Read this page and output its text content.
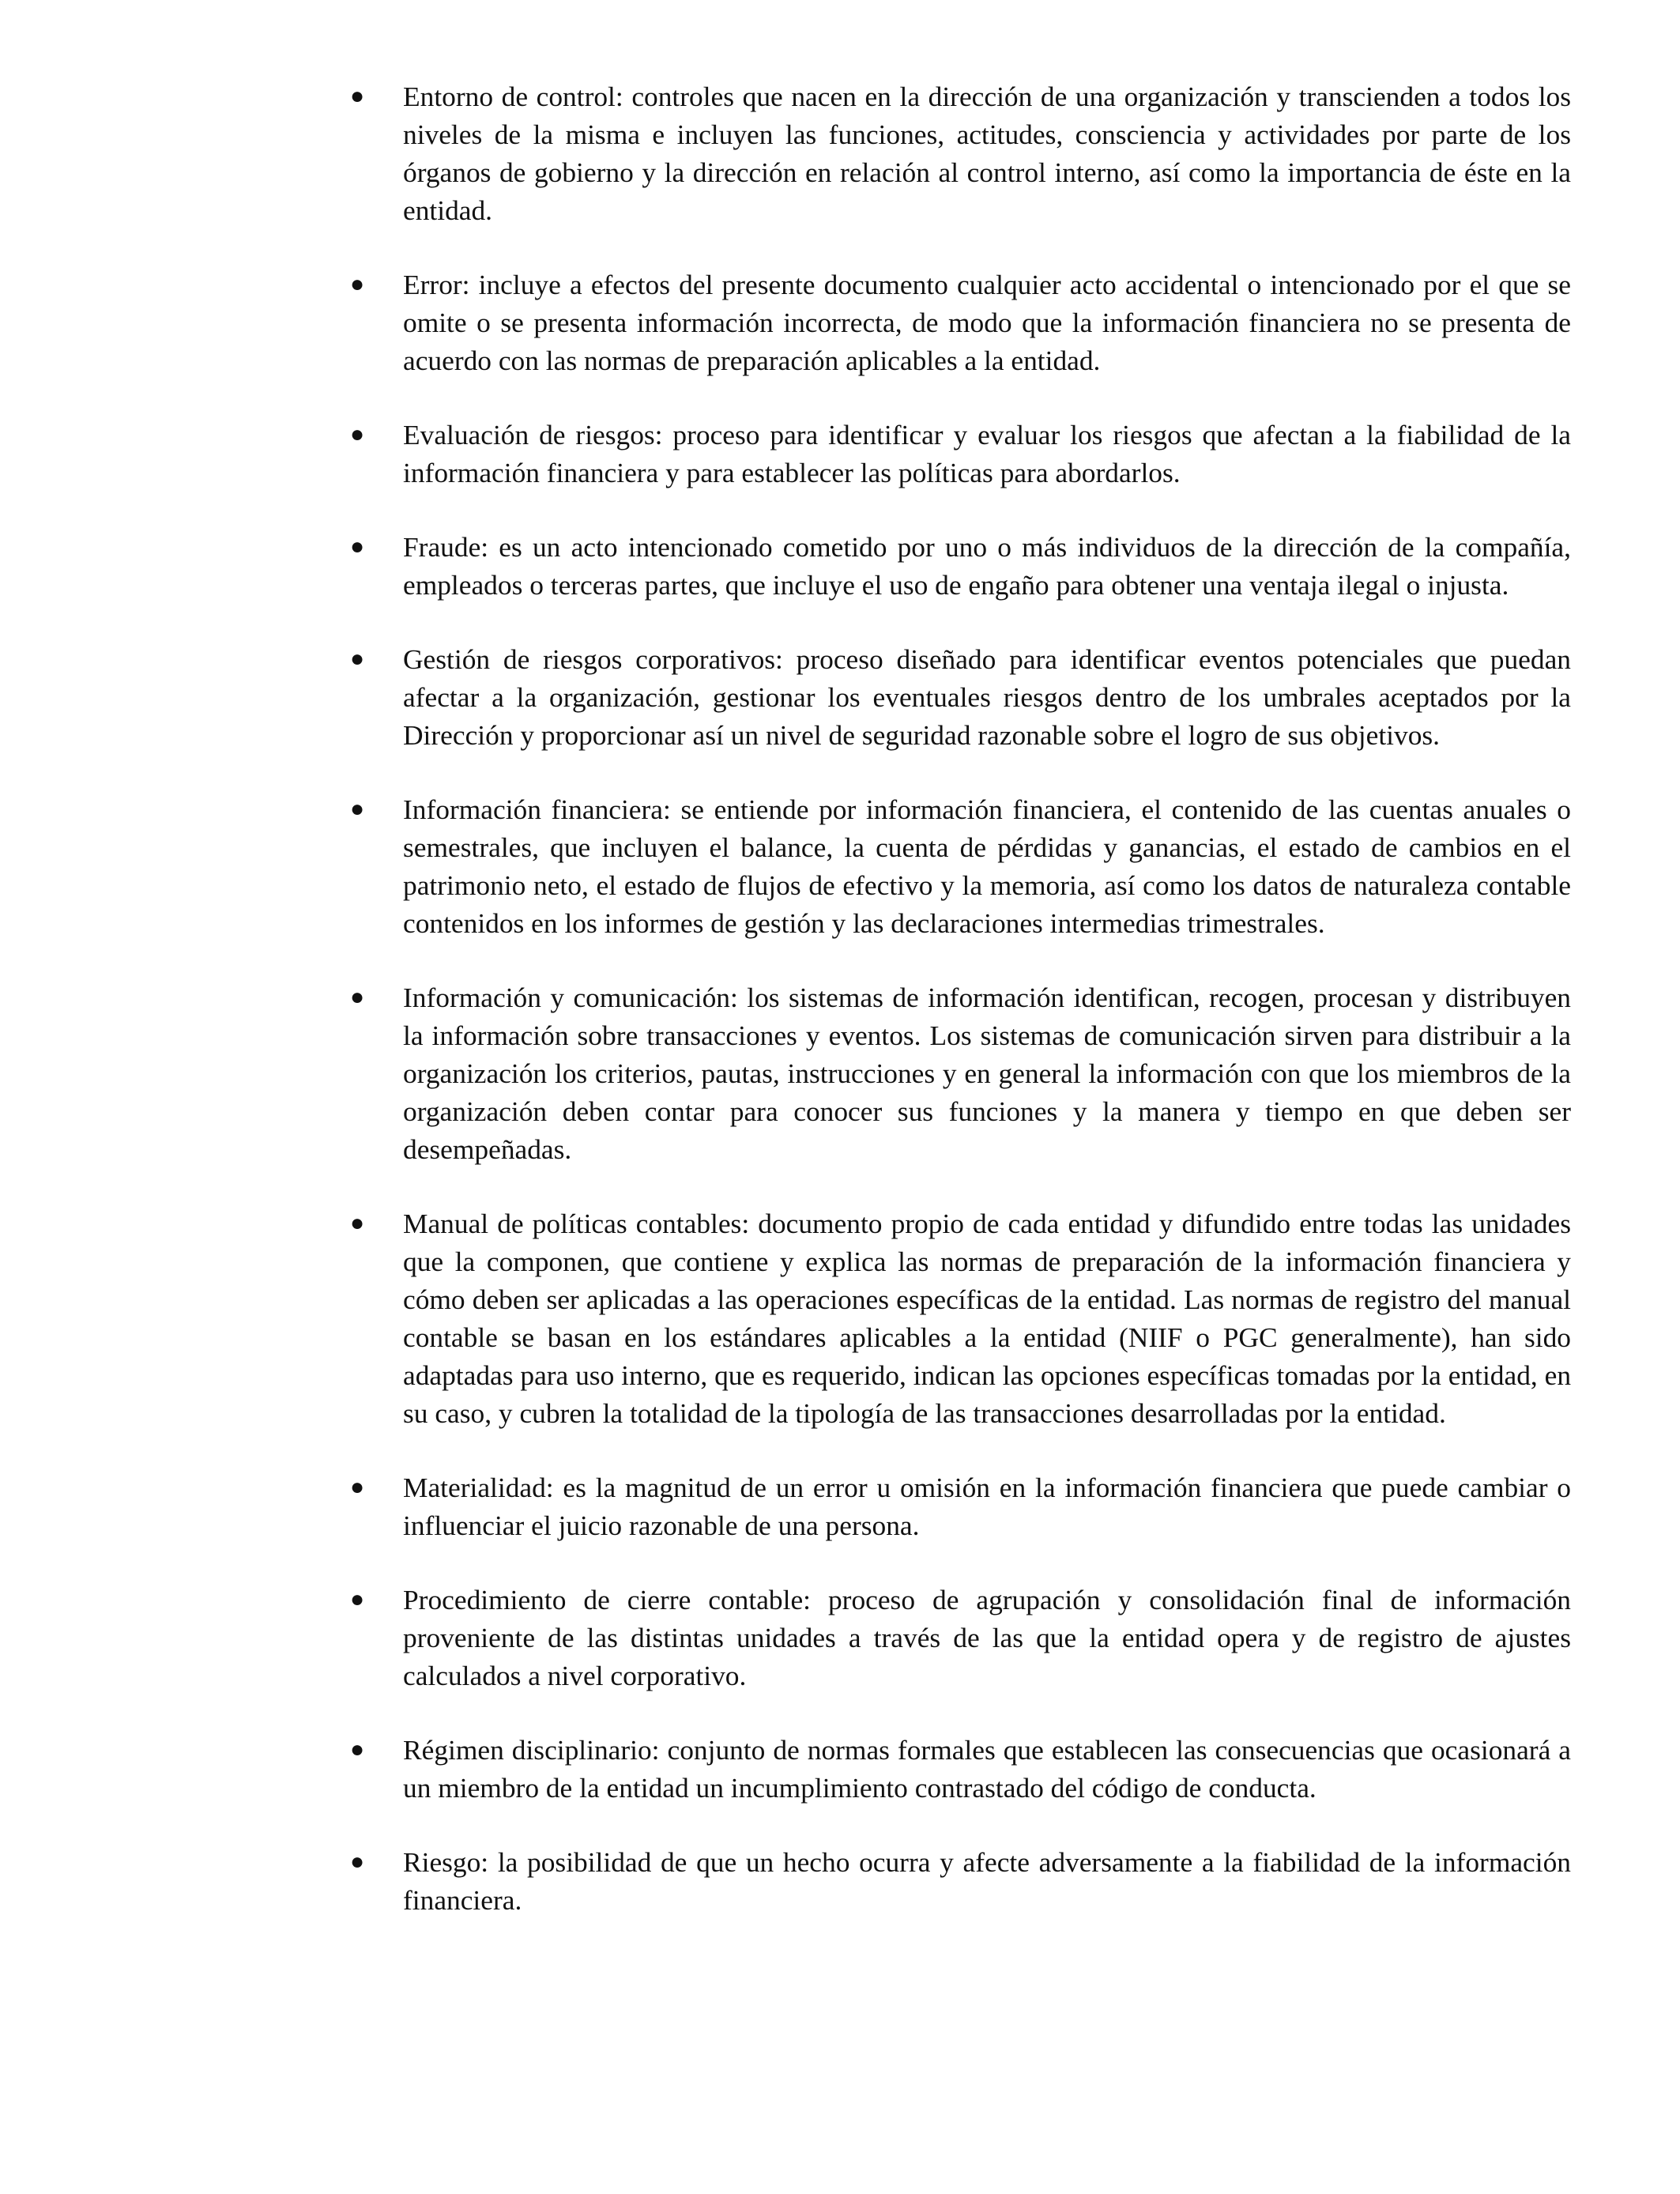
● Entorno de control: controles que nacen en la dirección de una organización y transcienden a todos los niveles de la misma e incluyen las funciones, actitudes, consciencia y actividades por parte de los órganos de gobierno y la dirección en relación al control interno, así como la importancia de éste en la entidad.
● Error: incluye a efectos del presente documento cualquier acto accidental o intencionado por el que se omite o se presenta información incorrecta, de modo que la información financiera no se presenta de acuerdo con las normas de preparación aplicables a la entidad.
● Evaluación de riesgos: proceso para identificar y evaluar los riesgos que afectan a la fiabilidad de la información financiera y para establecer las políticas para abordarlos.
● Fraude: es un acto intencionado cometido por uno o más individuos de la dirección de la compañía, empleados o terceras partes, que incluye el uso de engaño para obtener una ventaja ilegal o injusta.
● Gestión de riesgos corporativos: proceso diseñado para identificar eventos potenciales que puedan afectar a la organización, gestionar los eventuales riesgos dentro de los umbrales aceptados por la Dirección y proporcionar así un nivel de seguridad razonable sobre el logro de sus objetivos.
● Información financiera: se entiende por información financiera, el contenido de las cuentas anuales o semestrales, que incluyen el balance, la cuenta de pérdidas y ganancias, el estado de cambios en el patrimonio neto, el estado de flujos de efectivo y la memoria, así como los datos de naturaleza contable contenidos en los informes de gestión y las declaraciones intermedias trimestrales.
● Información y comunicación: los sistemas de información identifican, recogen, procesan y distribuyen la información sobre transacciones y eventos. Los sistemas de comunicación sirven para distribuir a la organización los criterios, pautas, instrucciones y en general la información con que los miembros de la organización deben contar para conocer sus funciones y la manera y tiempo en que deben ser desempeñadas.
● Manual de políticas contables: documento propio de cada entidad y difundido entre todas las unidades que la componen, que contiene y explica las normas de preparación de la información financiera y cómo deben ser aplicadas a las operaciones específicas de la entidad. Las normas de registro del manual contable se basan en los estándares aplicables a la entidad (NIIF o PGC generalmente), han sido adaptadas para uso interno, que es requerido, indican las opciones específicas tomadas por la entidad, en su caso, y cubren la totalidad de la tipología de las transacciones desarrolladas por la entidad.
● Materialidad: es la magnitud de un error u omisión en la información financiera que puede cambiar o influenciar el juicio razonable de una persona.
● Procedimiento de cierre contable: proceso de agrupación y consolidación final de información proveniente de las distintas unidades a través de las que la entidad opera y de registro de ajustes calculados a nivel corporativo.
● Régimen disciplinario: conjunto de normas formales que establecen las consecuencias que ocasionará a un miembro de la entidad un incumplimiento contrastado del código de conducta.
● Riesgo: la posibilidad de que un hecho ocurra y afecte adversamente a la fiabilidad de la información financiera.
